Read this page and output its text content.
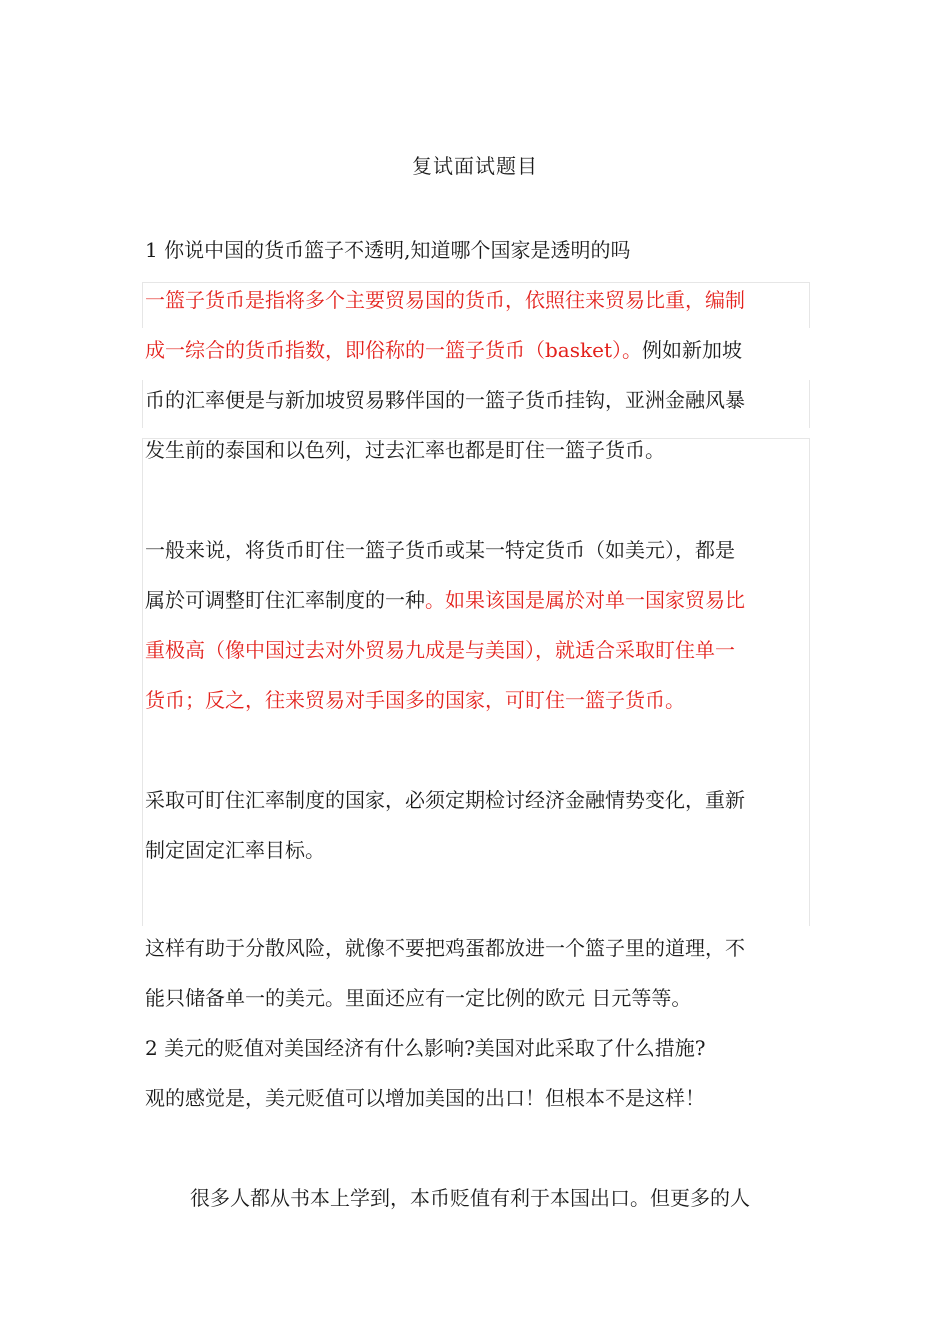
复试面试题目
1 你说中国的货币篮子不透明,知道哪个国家是透明的吗
一篮子货币是指将多个主要贸易国的货币，依照往来贸易比重，编制
成一综合的货币指数，即俗称的一篮子货币（basket）。例如新加坡
币的汇率便是与新加坡贸易夥伴国的一篮子货币挂钩，亚洲金融风暴
发生前的泰国和以色列，过去汇率也都是盯住一篮子货币。
一般来说，将货币盯住一篮子货币或某一特定货币（如美元），都是
属於可调整盯住汇率制度的一种。如果该国是属於对单一国家贸易比
重极高（像中国过去对外贸易九成是与美国），就适合采取盯住单一
货币；反之，往来贸易对手国多的国家，可盯住一篮子货币。
采取可盯住汇率制度的国家，必须定期检讨经济金融情势变化，重新
制定固定汇率目标。
这样有助于分散风险，就像不要把鸡蛋都放进一个篮子里的道理，不
能只储备单一的美元。里面还应有一定比例的欧元 日元等等。
2 美元的贬值对美国经济有什么影响?美国对此采取了什么措施?
观的感觉是，美元贬值可以增加美国的出口！但根本不是这样！
很多人都从书本上学到，本币贬值有利于本国出口。但更多的人
